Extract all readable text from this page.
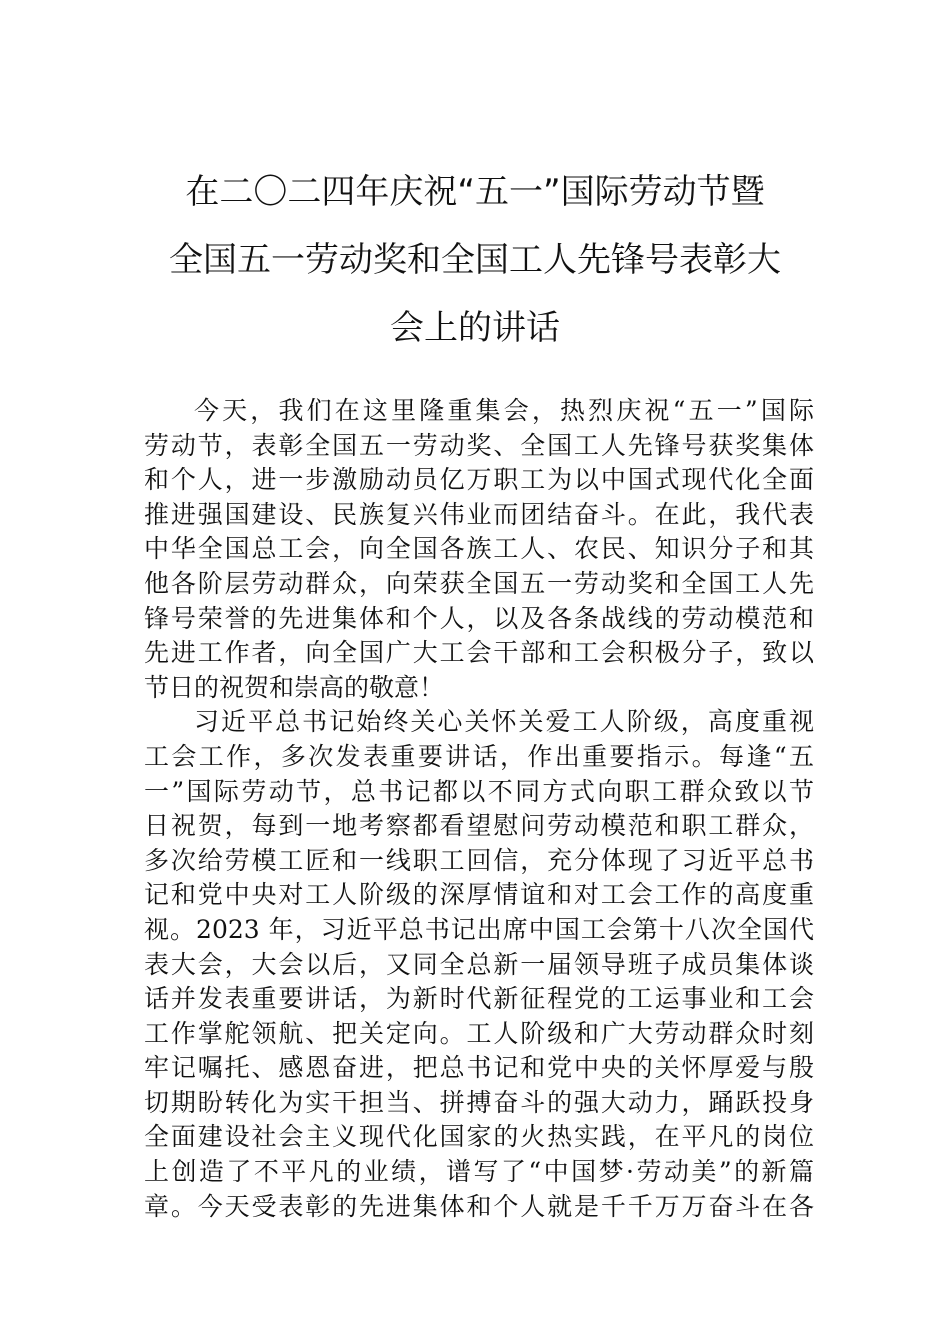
在二〇二四年庆祝“五一”国际劳动节暨
全国五一劳动奖和全国工人先锋号表彰大
会上的讲话
今天，我们在这里隆重集会，热烈庆祝“五一”国际
劳动节，表彰全国五一劳动奖、全国工人先锋号获奖集体
和个人，进一步激励动员亿万职工为以中国式现代化全面
推进强国建设、民族复兴伟业而团结奋斗。在此，我代表
中华全国总工会，向全国各族工人、农民、知识分子和其
他各阶层劳动群众，向荣获全国五一劳动奖和全国工人先
锋号荣誉的先进集体和个人，以及各条战线的劳动模范和
先进工作者，向全国广大工会干部和工会积极分子，致以
节日的祝贺和崇高的敬意！
习近平总书记始终关心关怀关爱工人阶级，高度重视
工会工作，多次发表重要讲话，作出重要指示。每逢“五
一”国际劳动节，总书记都以不同方式向职工群众致以节
日祝贺，每到一地考察都看望慰问劳动模范和职工群众，
多次给劳模工匠和一线职工回信，充分体现了习近平总书
记和党中央对工人阶级的深厚情谊和对工会工作的高度重
视。2023 年，习近平总书记出席中国工会第十八次全国代
表大会，大会以后，又同全总新一届领导班子成员集体谈
话并发表重要讲话，为新时代新征程党的工运事业和工会
工作掌舵领航、把关定向。工人阶级和广大劳动群众时刻
牢记嘱托、感恩奋进，把总书记和党中央的关怀厚爱与殷
切期盼转化为实干担当、拼搏奋斗的强大动力，踊跃投身
全面建设社会主义现代化国家的火热实践，在平凡的岗位
上创造了不平凡的业绩，谱写了“中国梦·劳动美”的新篇
章。今天受表彰的先进集体和个人就是千千万万奋斗在各
